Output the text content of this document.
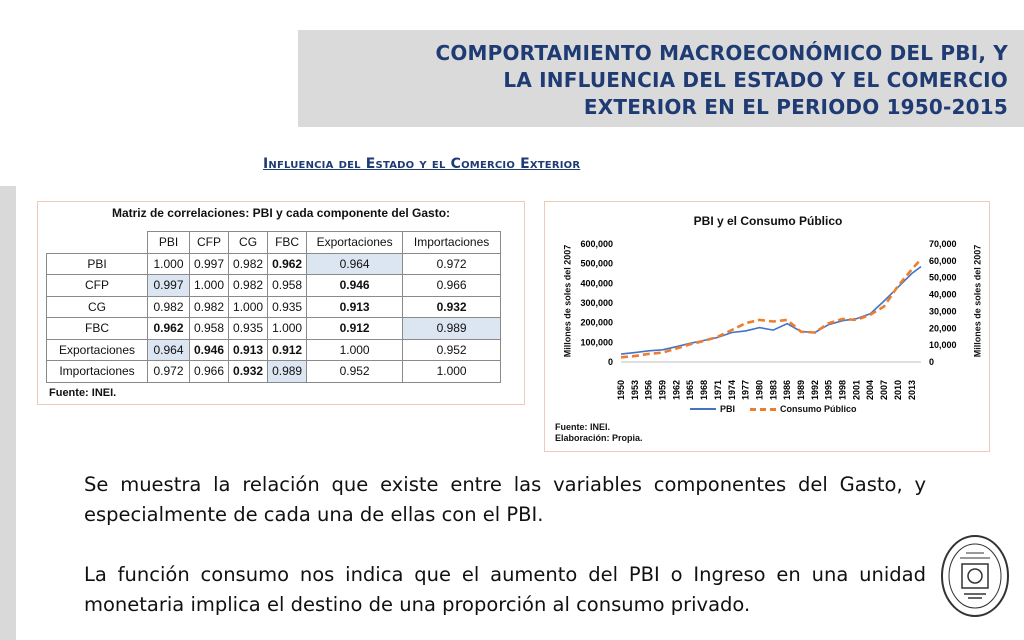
COMPORTAMIENTO MACROECONÓMICO DEL PBI, Y
LA INFLUENCIA DEL ESTADO Y EL COMERCIO
EXTERIOR EN EL PERIODO 1950-2015
Influencia del Estado y el Comercio Exterior
Matriz de correlaciones: PBI y cada componente del Gasto:
	PBI	CFP	CG	FBC	Exportaciones	Importaciones
PBI	1.000	0.997	0.982	0.962	0.964	0.972
CFP	0.997	1.000	0.982	0.958	0.946	0.966
CG	0.982	0.982	1.000	0.935	0.913	0.932
FBC	0.962	0.958	0.935	1.000	0.912	0.989
Exportaciones	0.964	0.946	0.913	0.912	1.000	0.952
Importaciones	0.972	0.966	0.932	0.989	0.952	1.000
Fuente: INEI.
PBI y el Consumo Público
Millones de soles del 2007	Millones de soles del 2007
0
100,000
200,000
300,000
400,000
500,000
600,000
0
10,000
20,000
30,000
40,000
50,000
60,000
70,000
1950 1953 1956 1959 1962 1965 1968 1971 1974 1977 1980 1983 1986 1989 1992 1995 1998 2001 2004 2007 2010 2013
PBI	Consumo Público
Fuente: INEI.
Elaboración: Propia.

Se muestra la relación que existe entre las variables componentes del Gasto, y especialmente de cada una de ellas con el PBI.

La función consumo nos indica que el aumento del PBI o Ingreso en una unidad monetaria implica el destino de una proporción al consumo privado.
